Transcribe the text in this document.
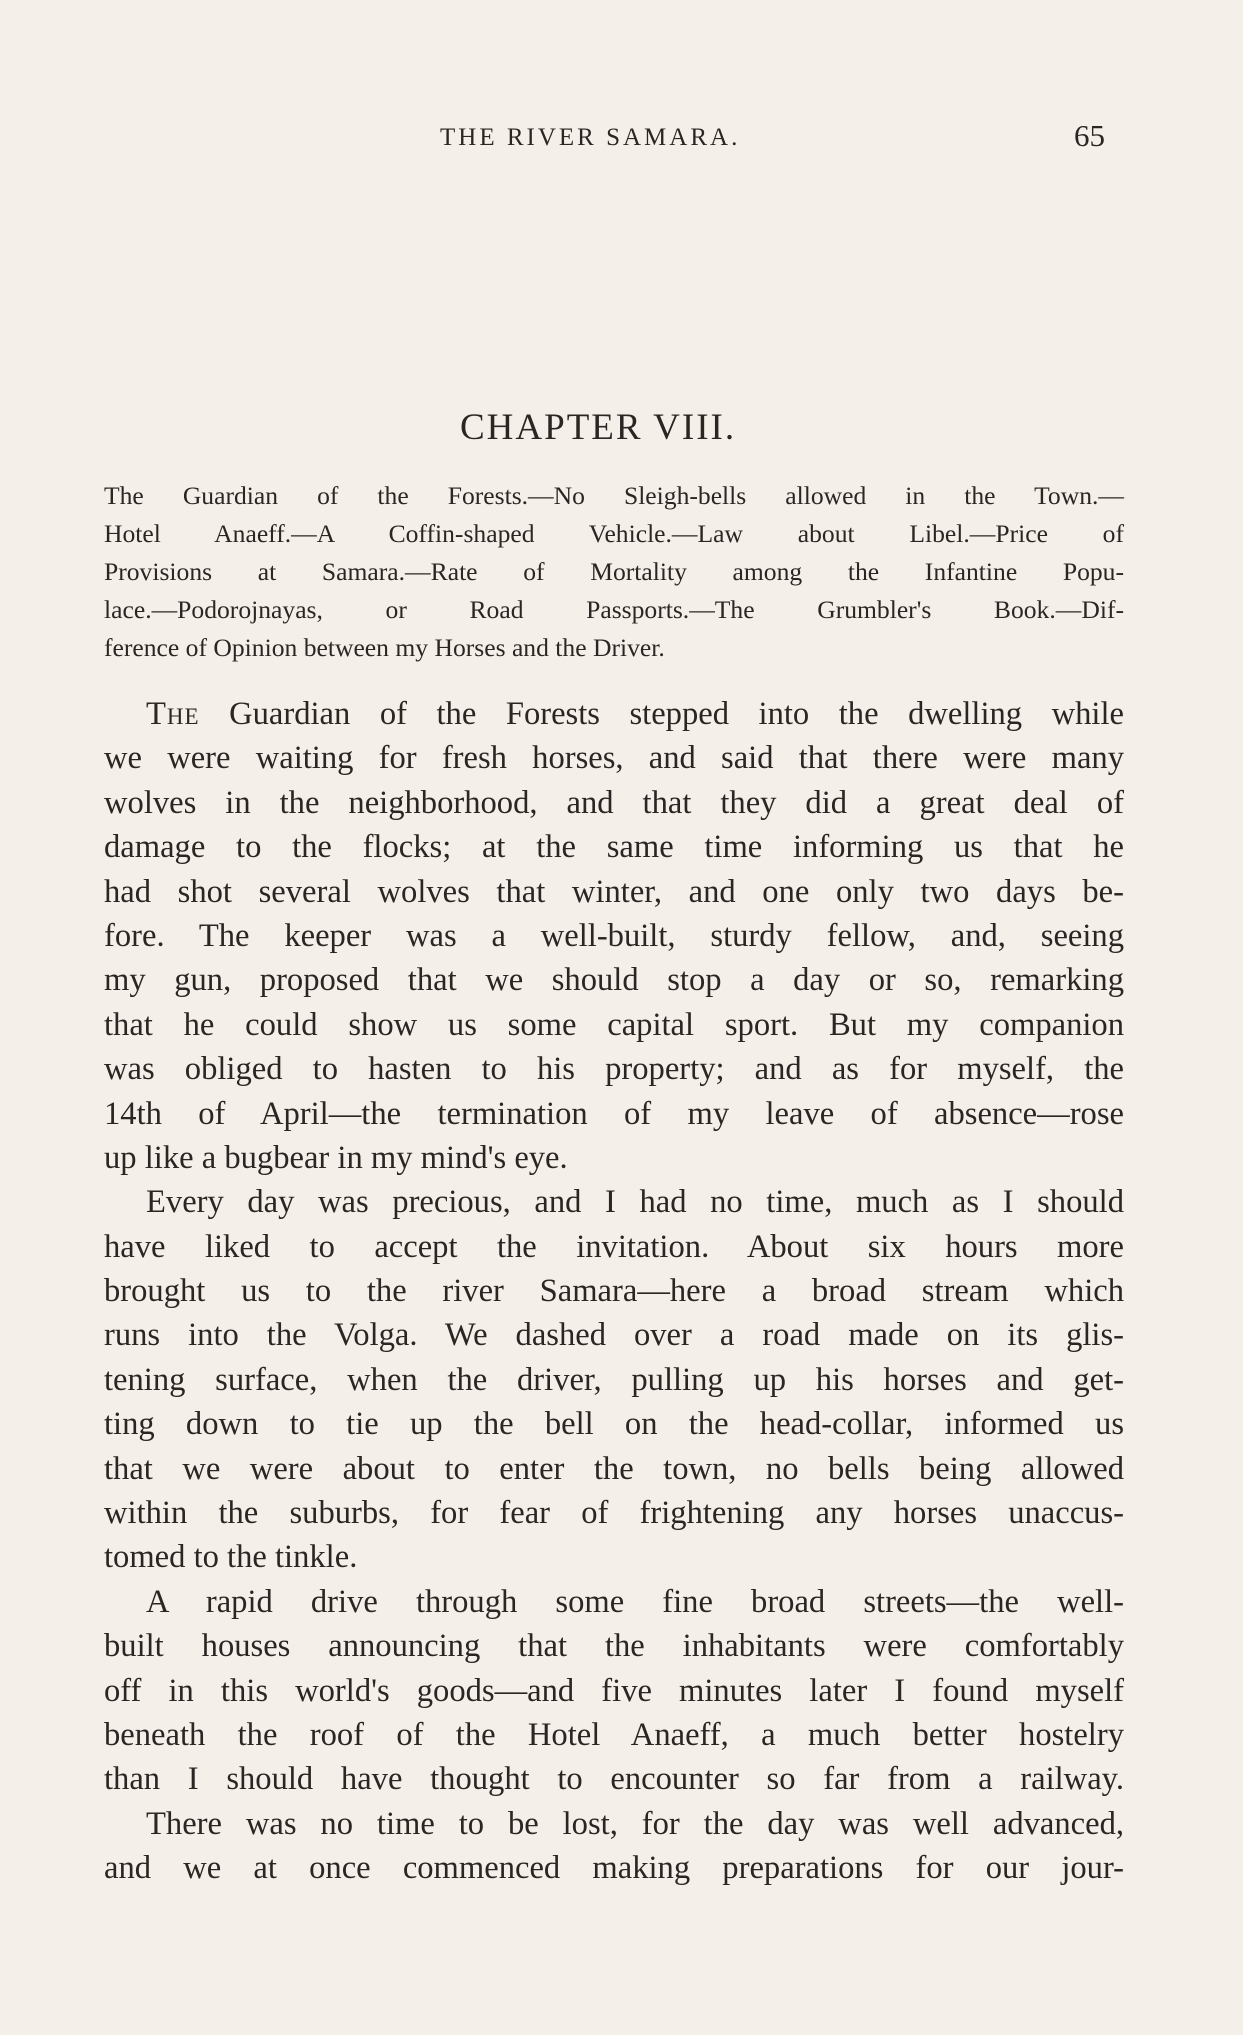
THE RIVER SAMARA.	65
CHAPTER VIII.
The Guardian of the Forests.—No Sleigh-bells allowed in the Town.—
Hotel Anaeff.—A Coffin-shaped Vehicle.—Law about Libel.—Price of
Provisions at Samara.—Rate of Mortality among the Infantine Popu-
lace.—Podorojnayas, or Road Passports.—The Grumbler's Book.—Dif-
ference of Opinion between my Horses and the Driver.
The Guardian of the Forests stepped into the dwelling while
we were waiting for fresh horses, and said that there were many
wolves in the neighborhood, and that they did a great deal of
damage to the flocks; at the same time informing us that he
had shot several wolves that winter, and one only two days be-
fore. The keeper was a well-built, sturdy fellow, and, seeing
my gun, proposed that we should stop a day or so, remarking
that he could show us some capital sport. But my companion
was obliged to hasten to his property; and as for myself, the
14th of April—the termination of my leave of absence—rose
up like a bugbear in my mind's eye.
Every day was precious, and I had no time, much as I should
have liked to accept the invitation. About six hours more
brought us to the river Samara—here a broad stream which
runs into the Volga. We dashed over a road made on its glis-
tening surface, when the driver, pulling up his horses and get-
ting down to tie up the bell on the head-collar, informed us
that we were about to enter the town, no bells being allowed
within the suburbs, for fear of frightening any horses unaccus-
tomed to the tinkle.
A rapid drive through some fine broad streets—the well-
built houses announcing that the inhabitants were comfortably
off in this world's goods—and five minutes later I found myself
beneath the roof of the Hotel Anaeff, a much better hostelry
than I should have thought to encounter so far from a railway.
There was no time to be lost, for the day was well advanced,
and we at once commenced making preparations for our jour-
